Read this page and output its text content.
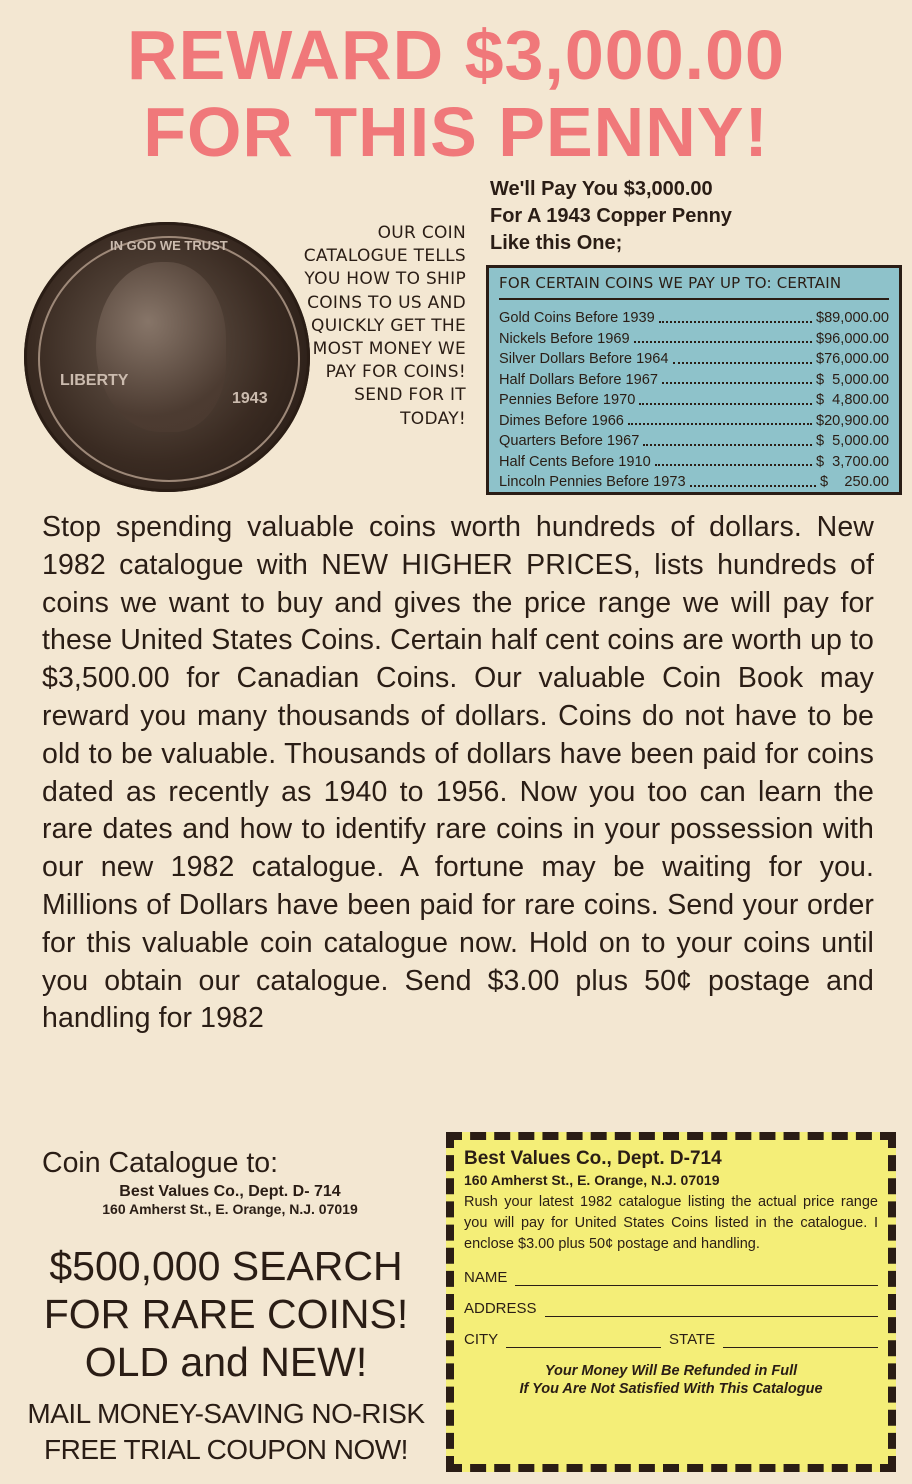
REWARD $3,000.00
FOR THIS PENNY!
LIBERTY
IN GOD WE TRUST
1943
OUR COIN CATALOGUE TELLS YOU HOW TO SHIP COINS TO US AND QUICKLY GET THE MOST MONEY WE PAY FOR COINS! SEND FOR IT TODAY!
We'll Pay You $3,000.00
For A 1943 Copper Penny
Like this One;
FOR CERTAIN COINS WE PAY UP TO: CERTAIN
Gold Coins Before 1939	$89,000.00
Nickels Before 1969	$96,000.00
Silver Dollars Before 1964	$76,000.00
Half Dollars Before 1967	$  5,000.00
Pennies Before 1970	$  4,800.00
Dimes Before 1966	$20,900.00
Quarters Before 1967	$  5,000.00
Half Cents Before 1910	$  3,700.00
Lincoln Pennies Before 1973	$    250.00
Stop spending valuable coins worth hundreds of dollars. New 1982 catalogue with NEW HIGHER PRICES, lists hundreds of coins we want to buy and gives the price range we will pay for these United States Coins. Certain half cent coins are worth up to $3,500.00 for Canadian Coins. Our valuable Coin Book may reward you many thousands of dollars. Coins do not have to be old to be valuable. Thousands of dollars have been paid for coins dated as recently as 1940 to 1956. Now you too can learn the rare dates and how to identify rare coins in your possession with our new 1982 catalogue. A fortune may be waiting for you. Millions of Dollars have been paid for rare coins. Send your order for this valuable coin catalogue now. Hold on to your coins until you obtain our catalogue. Send $3.00 plus 50¢ postage and handling for 1982
Coin Catalogue to:
Best Values Co., Dept. D- 714
160 Amherst St., E. Orange, N.J. 07019
$500,000 SEARCH
FOR RARE COINS!
OLD and NEW!
MAIL MONEY-SAVING NO-RISK
FREE TRIAL COUPON NOW!
Best Values Co., Dept. D-714
160 Amherst St., E. Orange, N.J. 07019
Rush your latest 1982 catalogue listing the actual price range you will pay for United States Coins listed in the catalogue. I enclose $3.00 plus 50¢ postage and handling.
NAME
ADDRESS
CITY	STATE
Your Money Will Be Refunded in Full
If You Are Not Satisfied With This Catalogue
